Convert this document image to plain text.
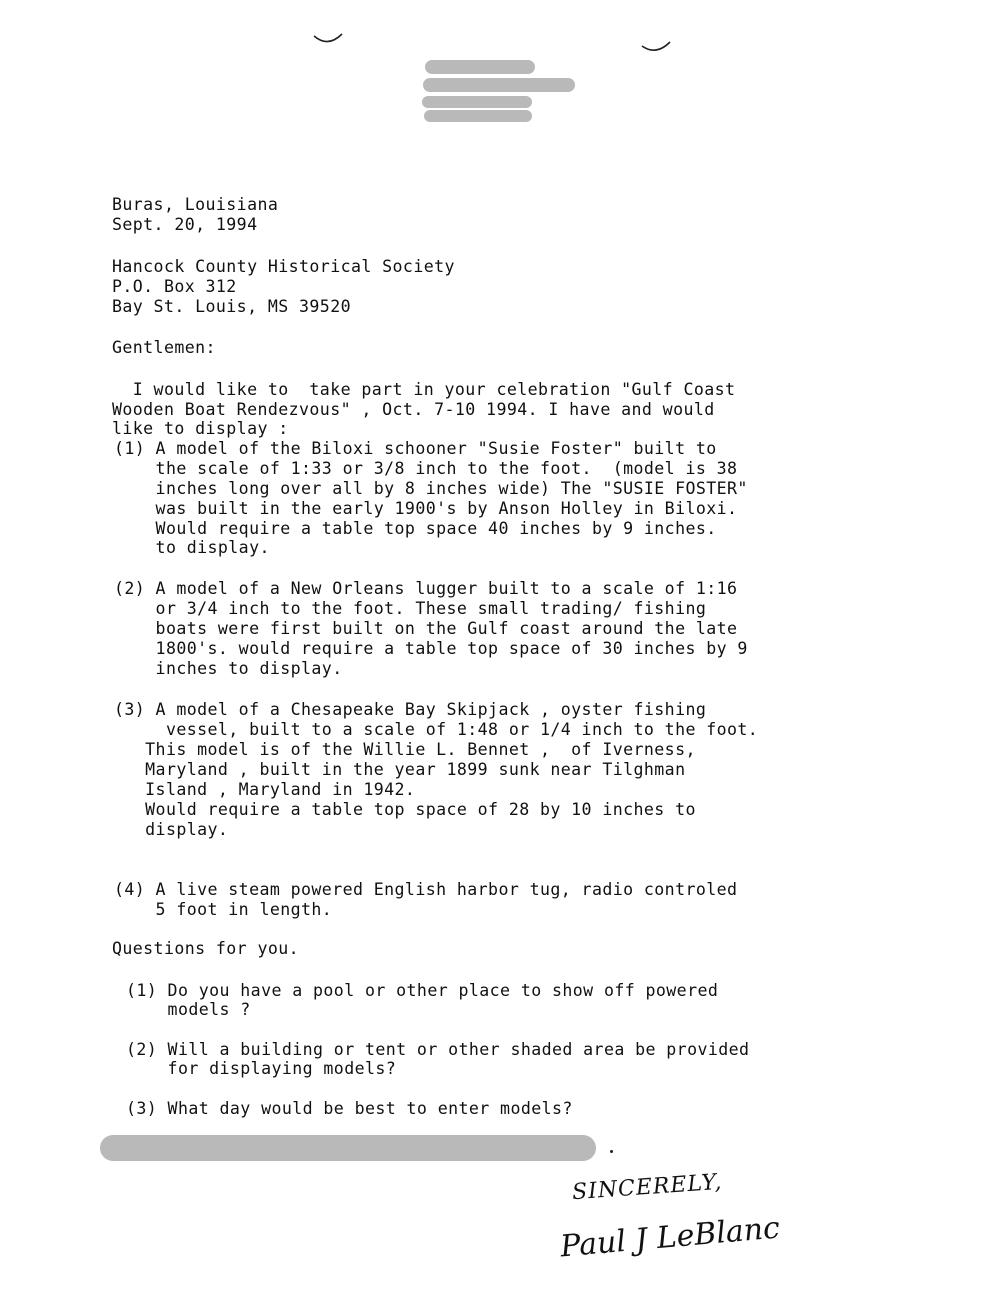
Buras, Louisiana
Sept. 20, 1994
Hancock County Historical Society
P.O. Box 312
Bay St. Louis, MS 39520
Gentlemen:
I would like to  take part in your celebration "Gulf Coast
Wooden Boat Rendezvous" , Oct. 7-10 1994. I have and would
like to display :
(1) A model of the Biloxi schooner "Susie Foster" built to
the scale of 1:33 or 3/8 inch to the foot.  (model is 38
inches long over all by 8 inches wide) The "SUSIE FOSTER"
was built in the early 1900's by Anson Holley in Biloxi.
Would require a table top space 40 inches by 9 inches.
to display.
(2) A model of a New Orleans lugger built to a scale of 1:16
or 3/4 inch to the foot. These small trading/ fishing
boats were first built on the Gulf coast around the late
1800's. would require a table top space of 30 inches by 9
inches to display.
(3) A model of a Chesapeake Bay Skipjack , oyster fishing
vessel, built to a scale of 1:48 or 1/4 inch to the foot.
This model is of the Willie L. Bennet ,  of Iverness,
Maryland , built in the year 1899 sunk near Tilghman
Island , Maryland in 1942.
Would require a table top space of 28 by 10 inches to
display.
(4) A live steam powered English harbor tug, radio controled
5 foot in length.
Questions for you.
(1) Do you have a pool or other place to show off powered
models ?
(2) Will a building or tent or other shaded area be provided
for displaying models?
(3) What day would be best to enter models?
SINCERELY,
Paul J LeBlanc
